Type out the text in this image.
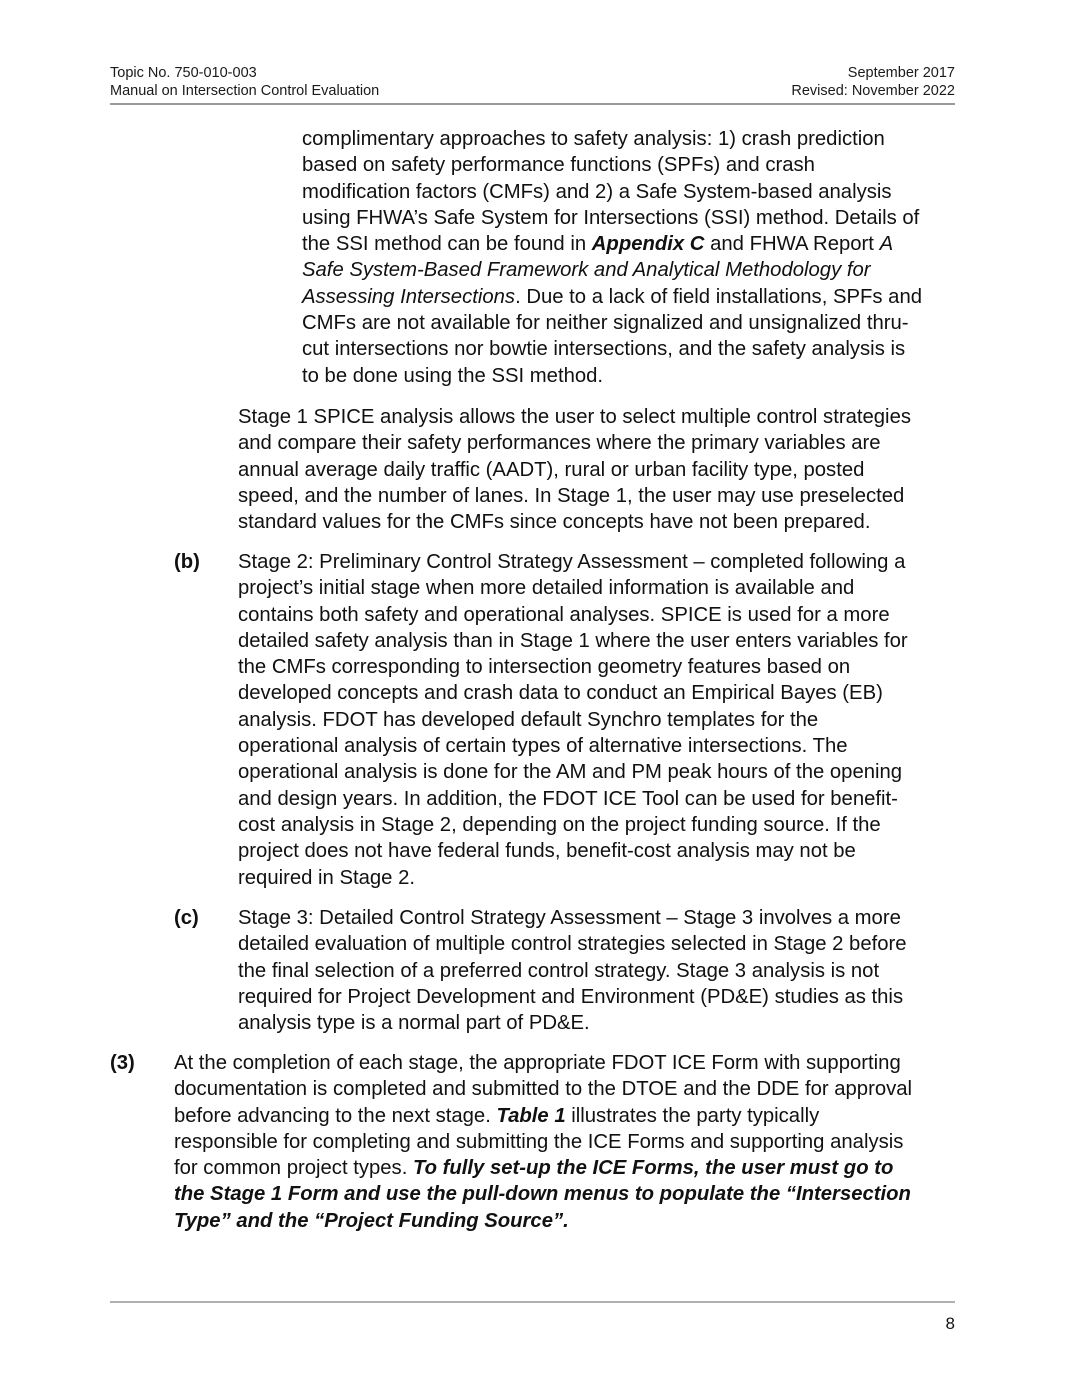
Topic No. 750-010-003
Manual on Intersection Control Evaluation
September 2017
Revised: November 2022
complimentary approaches to safety analysis: 1) crash prediction
based on safety performance functions (SPFs) and crash
modification factors (CMFs) and 2) a Safe System-based analysis
using FHWA’s Safe System for Intersections (SSI) method. Details of
the SSI method can be found in Appendix C and FHWA Report A
Safe System-Based Framework and Analytical Methodology for
Assessing Intersections. Due to a lack of field installations, SPFs and
CMFs are not available for neither signalized and unsignalized thru-
cut intersections nor bowtie intersections, and the safety analysis is
to be done using the SSI method.
Stage 1 SPICE analysis allows the user to select multiple control strategies
and compare their safety performances where the primary variables are
annual average daily traffic (AADT), rural or urban facility type, posted
speed, and the number of lanes. In Stage 1, the user may use preselected
standard values for the CMFs since concepts have not been prepared.
(b) Stage 2: Preliminary Control Strategy Assessment – completed following a
project’s initial stage when more detailed information is available and
contains both safety and operational analyses. SPICE is used for a more
detailed safety analysis than in Stage 1 where the user enters variables for
the CMFs corresponding to intersection geometry features based on
developed concepts and crash data to conduct an Empirical Bayes (EB)
analysis. FDOT has developed default Synchro templates for the
operational analysis of certain types of alternative intersections. The
operational analysis is done for the AM and PM peak hours of the opening
and design years. In addition, the FDOT ICE Tool can be used for benefit-
cost analysis in Stage 2, depending on the project funding source. If the
project does not have federal funds, benefit-cost analysis may not be
required in Stage 2.
(c) Stage 3: Detailed Control Strategy Assessment – Stage 3 involves a more
detailed evaluation of multiple control strategies selected in Stage 2 before
the final selection of a preferred control strategy. Stage 3 analysis is not
required for Project Development and Environment (PD&E) studies as this
analysis type is a normal part of PD&E.
(3) At the completion of each stage, the appropriate FDOT ICE Form with supporting
documentation is completed and submitted to the DTOE and the DDE for approval
before advancing to the next stage. Table 1 illustrates the party typically
responsible for completing and submitting the ICE Forms and supporting analysis
for common project types. To fully set-up the ICE Forms, the user must go to
the Stage 1 Form and use the pull-down menus to populate the “Intersection
Type” and the “Project Funding Source”.
8
